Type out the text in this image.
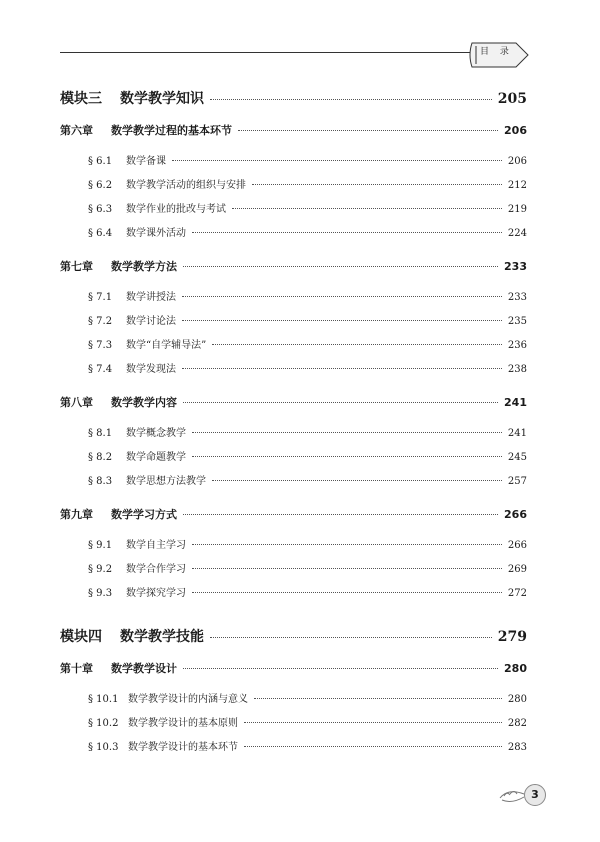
目 录
模块三 数学教学知识	205
第六章 数学教学过程的基本环节	206
§ 6.1	数学备课	206
§ 6.2	数学教学活动的组织与安排	212
§ 6.3	数学作业的批改与考试	219
§ 6.4	数学课外活动	224
第七章 数学教学方法	233
§ 7.1	数学讲授法	233
§ 7.2	数学讨论法	235
§ 7.3	数学“自学辅导法”	236
§ 7.4	数学发现法	238
第八章 数学教学内容	241
§ 8.1	数学概念教学	241
§ 8.2	数学命题教学	245
§ 8.3	数学思想方法教学	257
第九章 数学学习方式	266
§ 9.1	数学自主学习	266
§ 9.2	数学合作学习	269
§ 9.3	数学探究学习	272
模块四 数学教学技能	279
第十章 数学教学设计	280
§ 10.1 数学教学设计的内涵与意义	280
§ 10.2 数学教学设计的基本原则	282
§ 10.3 数学教学设计的基本环节	283
3
